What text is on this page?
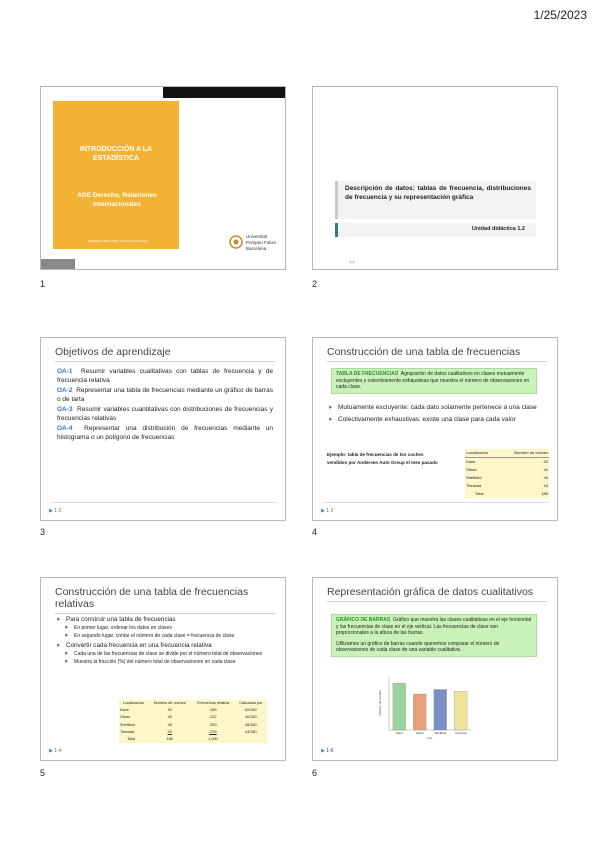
1/25/2023
INTRODUCCIÓN A LA ESTADÍSTICA
ADE Derecho, Relaciones Internacionales
Estadística 2022-2023 · Profesor Antoni Ruiz
Universitat
Pompeu Fabra
Barcelona
1
Descripción de datos: tablas de frecuencia, distribuciones de frecuencia y su representación gráfica
Unidad didáctica 1.2
1-1
2
Objetivos de aprendizaje
OA-1 Resumir variables cualitativas con tablas de frecuencia y de frecuencia relativa
OA-2 Representar una tabla de frecuencias mediante un gráfico de barras o de tarta
OA-3 Resumir variables cuantitativas con distribuciones de frecuencias y frecuencias relativas
OA-4 Representar una distribución de frecuencias mediante un histograma o un polígono de frecuencias
▶ 1-2
3
Construcción de una tabla de frecuencias
TABLA DE FRECUENCIAS Agrupación de datos cualitativos en clases mutuamente excluyentes y colectivamente exhaustivas que muestra el número de observaciones en cada clase.
▸ Mutuamente excluyente: cada dato solamente pertenece a una clase
▸ Colectivamente exhaustivas: existe una clase para cada valor
Ejemplo: tabla de frecuencias de los coches vendidos por Andersen Auto Group el mes pasado
Localización	Número de coches
Kane	52
Olean	40
Sheffield	45
Tionesta	43
Total	180
▶ 1-3
4
Construcción de una tabla de frecuencias relativas
▸ Para construir una tabla de frecuencias
▸ En primer lugar, ordenar los datos en clases
▸ En segundo lugar, contar el número de cada clase = frecuencia de clase
▸ Convertir cada frecuencia en una frecuencia relativa
▸ Cada una de las frecuencias de clase se divide por el número total de observaciones
▸ Muestra la fracción (%) del número total de observaciones en cada clase
Localización	Número de coches	Frecuencia relativa	Calculado por
Kane	52	.289	52/180
Olean	40	.222	40/180
Sheffield	45	.250	45/180
Tionesta	43	.239	43/180
Total	180	1.000	
▶ 1-4
5
Representación gráfica de datos cualitativos
GRÁFICO DE BARRAS Gráfico que muestra las clases cualitativas en el eje horizontal y las frecuencias de clase en el eje vertical. Las frecuencias de clase son proporcionales a la altura de las barras.
Utilizamos un gráfico de barras cuando queremos comparar el número de observaciones de cada clase de una variable cualitativa.
Kane	Olean	Sheffield	Tionesta
Loc.
Número de coches
▶ 1-6
6
